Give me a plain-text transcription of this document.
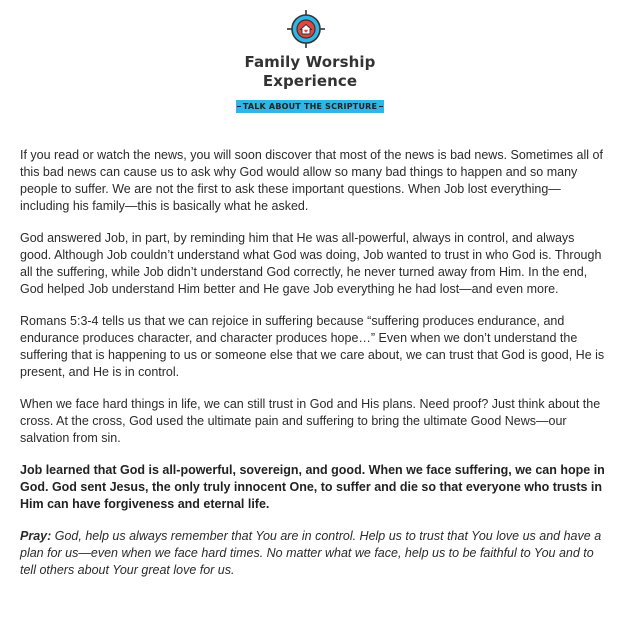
Family Worship
Experience
TALK ABOUT THE SCRIPTURE

If you read or watch the news, you will soon discover that most of the news is bad news. Sometimes all of this bad news can cause us to ask why God would allow so many bad things to happen and so many people to suffer. We are not the first to ask these important questions. When Job lost everything—including his family—this is basically what he asked.

God answered Job, in part, by reminding him that He was all-powerful, always in control, and always good. Although Job couldn’t understand what God was doing, Job wanted to trust in who God is. Through all the suffering, while Job didn’t understand God correctly, he never turned away from Him. In the end, God helped Job understand Him better and He gave Job everything he had lost—and even more.

Romans 5:3-4 tells us that we can rejoice in suffering because “suffering produces endurance, and endurance produces character, and character produces hope…” Even when we don’t understand the suffering that is happening to us or someone else that we care about, we can trust that God is good, He is present, and He is in control.

When we face hard things in life, we can still trust in God and His plans. Need proof? Just think about the cross. At the cross, God used the ultimate pain and suffering to bring the ultimate Good News—our salvation from sin.

Job learned that God is all-powerful, sovereign, and good. When we face suffering, we can hope in God. God sent Jesus, the only truly innocent One, to suffer and die so that everyone who trusts in Him can have forgiveness and eternal life.

Pray: God, help us always remember that You are in control. Help us to trust that You love us and have a plan for us—even when we face hard times. No matter what we face, help us to be faithful to You and to tell others about Your great love for us.
